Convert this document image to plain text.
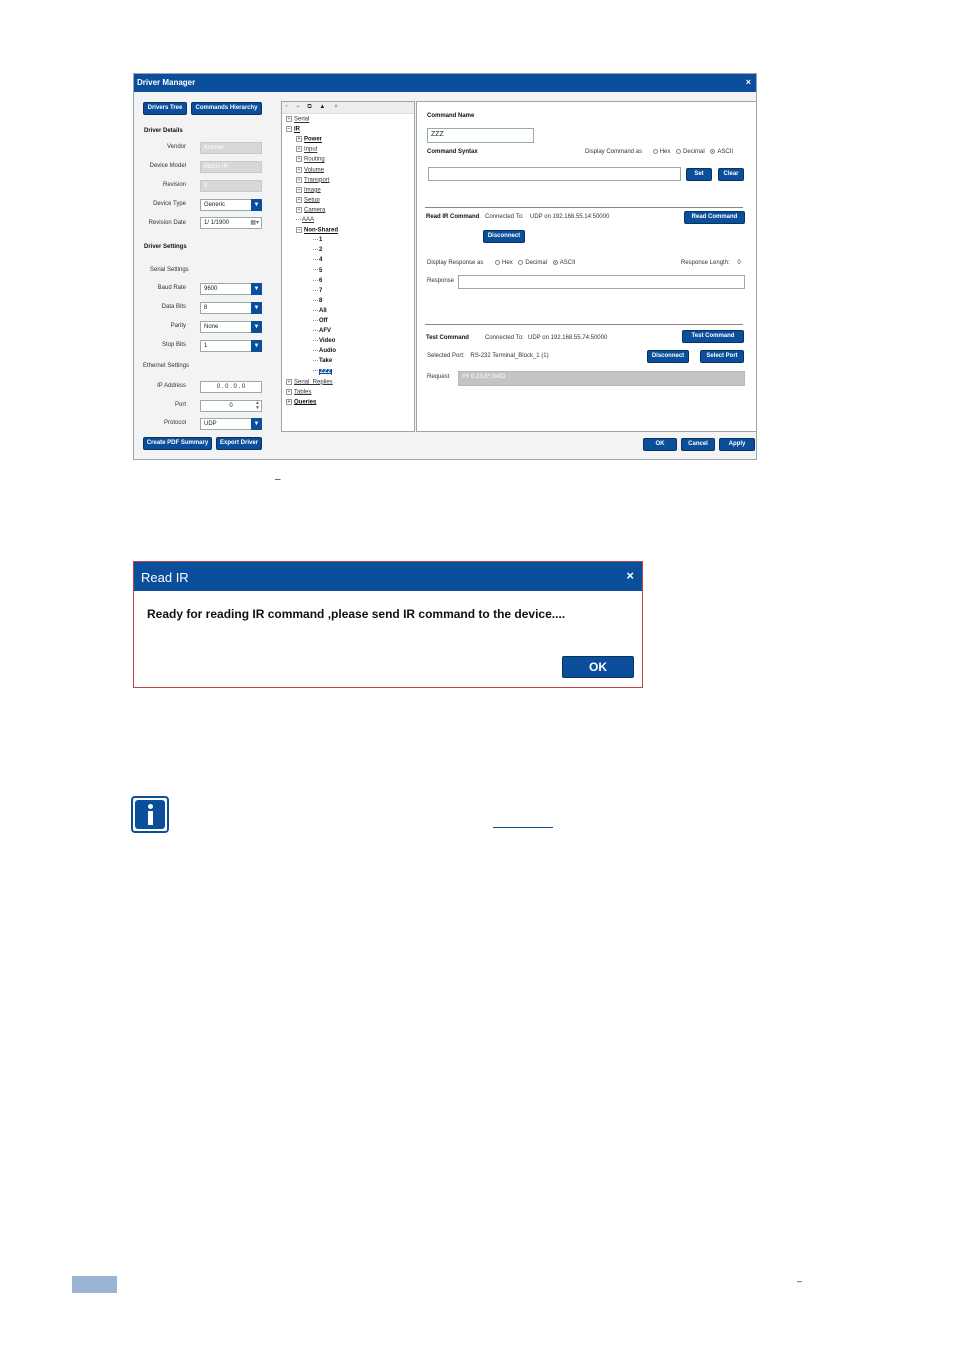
Driver Manager	×
Drivers Tree	Commands Hierarchy
Driver Details
Vendor	Kramer
Device Model	Matrix IR
Revision	8
Device Type	Generic	▼
Revision Date	1/ 1/1900	▦▾
Driver Settings
Serial Settings
Baud Rate	9600	▼
Data Bits	8	▼
Parity	None	▼
Stop Bits	1	▼
Ethernet Settings
IP Address	0 . 0 . 0 . 0
Port	0	▲
▼
Protocol	UDP	▼
Create PDF Summary	Export Driver
+ − ⧉ ▲ ▼
+ Serial
− IR
+ Power
+ Input
+ Routing
+ Volume
+ Transport
+ Image
+ Setup
+ Camera
AAA
− Non-Shared
1
2
4
5
6
7
8
All
Off
AFV
Video
Audio
Take
ZZZ
+ Serial_Replies
+ Tables
+ Queries
Command Name
ZZZ
Command Syntax	Display Command as	Hex Decimal ASCII
Set	Clear
Read IR Command Connected To: UDP on 192.168.55.14:50000	Read Command
Disconnect
Display Response as	Hex Decimal ASCII	Response Length: 0
Response
Test Command	Connected To: UDP on 192.168.55.74:50000	Test Command
Selected Port: RS-232 Terminal_Block_1 (1)	Disconnect	Select Port
Request	#Y 0,23,8*,0x0D
OK	Cancel	Apply
–
Read IR	×
Ready for reading IR command ,please send IR command to the device....
OK
–
